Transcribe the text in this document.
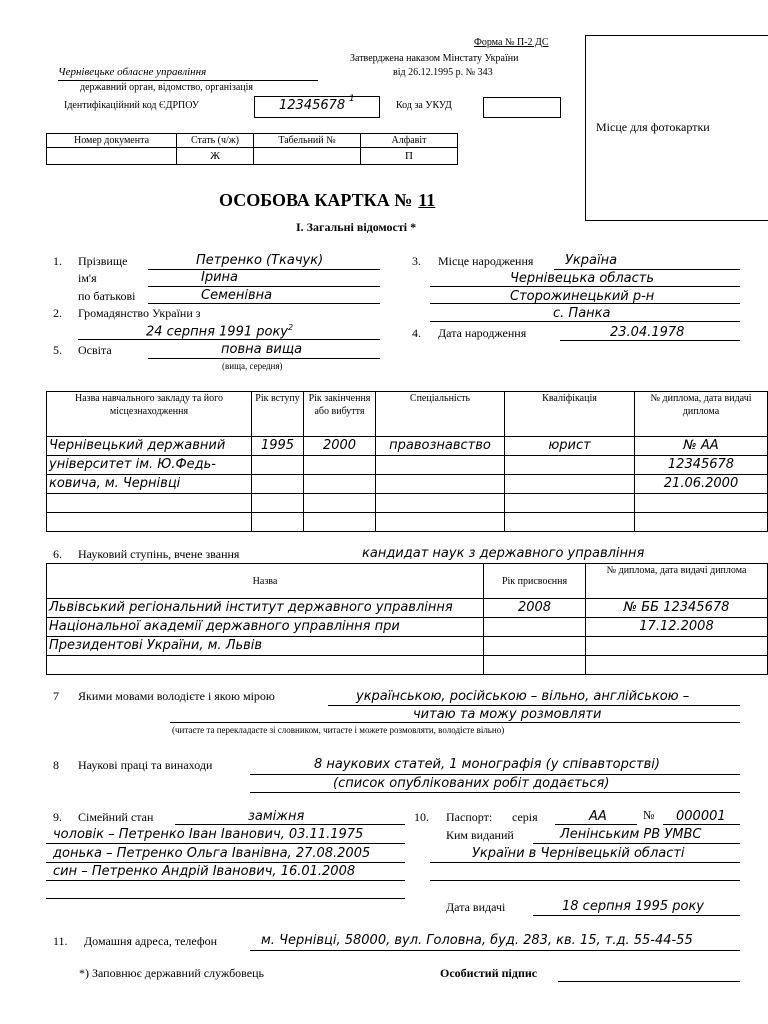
Форма № П-2 ДС
Затверджена наказом Мінстату України
від 26.12.1995 р. № 343
Чернівецьке обласне управління
державний орган, відомство, організація
Ідентифікаційний код ЄДРПОУ	12345678 1
Код за УКУД
Місце для фотокартки
Номер документа	Стать (ч/ж)	Табельний №	Алфавіт
	Ж		П
ОСОБОВА КАРТКА № 11
І. Загальні відомості *
1. Прізвище	Петренко (Ткачук)
ім'я	Ірина
по батькові	Семенівна
2. Громадянство України з
24 серпня 1991 року$^2$
5. Освіта	повна вища
(вища, середня)
3. Місце народження Україна
Чернівецька область
Сторожинецький р-н
с. Панка
4. Дата народження	23.04.1978
Назва навчального закладу та його місцезнаходження	Рік вступу	Рік закінчення або вибуття	Спеціальність	Кваліфікація	№ диплома, дата видачі диплома
Чернівецький державний	1995	2000	правознавство	юрист	№ АА
університет ім. Ю.Федь-					12345678
ковича, м. Чернівці					21.06.2000

6. Науковий ступінь, вчене звання	кандидат наук з державного управління
Назва	Рік присвоєння	№ диплома, дата видачі диплома
Львівський регіональний інститут державного управління	2008	№ ББ 12345678
Національної академії державного управління при		17.12.2008
Президентові України, м. Львів		

7 Якими мовами володієте і якою мірою	українською, російською – вільно, англійською –
читаю та можу розмовляти
(читаєте та перекладаєте зі словником, читаєте і можете розмовляти, володієте вільно)
8 Наукові праці та винаходи	8 наукових статей, 1 монографія (у співавторстві)
(список опублікованих робіт додається)
9. Сімейний стан	заміжня
чоловік – Петренко Іван Іванович, 03.11.1975
донька – Петренко Ольга Іванівна, 27.08.2005
син – Петренко Андрій Іванович, 16.01.2008
10. Паспорт: серія	АА	№ 000001
Ким виданий	Ленінським РВ УМВС
України в Чернівецькій області
Дата видачі	18 серпня 1995 року
11. Домашня адреса, телефон	м. Чернівці, 58000, вул. Головна, буд. 283, кв. 15, т.д. 55-44-55
*) Заповнює державний службовець	Особистий підпис
